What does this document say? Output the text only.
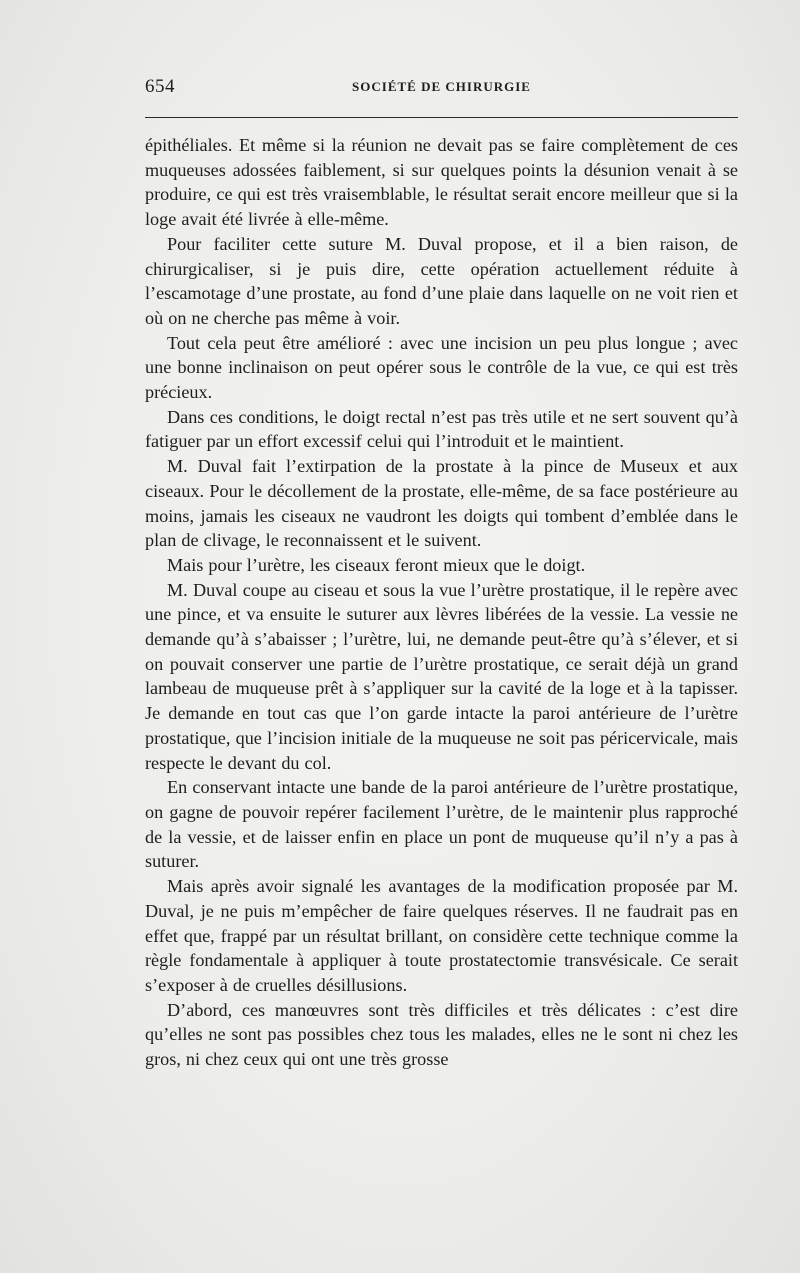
654	SOCIÉTÉ DE CHIRURGIE

épithéliales. Et même si la réunion ne devait pas se faire complètement de ces muqueuses adossées faiblement, si sur quelques points la désunion venait à se produire, ce qui est très vraisemblable, le résultat serait encore meilleur que si la loge avait été livrée à elle-même.

Pour faciliter cette suture M. Duval propose, et il a bien raison, de chirurgicaliser, si je puis dire, cette opération actuellement réduite à l’escamotage d’une prostate, au fond d’une plaie dans laquelle on ne voit rien et où on ne cherche pas même à voir.

Tout cela peut être amélioré : avec une incision un peu plus longue ; avec une bonne inclinaison on peut opérer sous le contrôle de la vue, ce qui est très précieux.

Dans ces conditions, le doigt rectal n’est pas très utile et ne sert souvent qu’à fatiguer par un effort excessif celui qui l’introduit et le maintient.

M. Duval fait l’extirpation de la prostate à la pince de Museux et aux ciseaux. Pour le décollement de la prostate, elle-même, de sa face postérieure au moins, jamais les ciseaux ne vaudront les doigts qui tombent d’emblée dans le plan de clivage, le reconnaissent et le suivent.

Mais pour l’urètre, les ciseaux feront mieux que le doigt.

M. Duval coupe au ciseau et sous la vue l’urètre prostatique, il le repère avec une pince, et va ensuite le suturer aux lèvres libérées de la vessie. La vessie ne demande qu’à s’abaisser ; l’urètre, lui, ne demande peut-être qu’à s’élever, et si on pouvait conserver une partie de l’urètre prostatique, ce serait déjà un grand lambeau de muqueuse prêt à s’appliquer sur la cavité de la loge et à la tapisser. Je demande en tout cas que l’on garde intacte la paroi antérieure de l’urètre prostatique, que l’incision initiale de la muqueuse ne soit pas péricervicale, mais respecte le devant du col.

En conservant intacte une bande de la paroi antérieure de l’urètre prostatique, on gagne de pouvoir repérer facilement l’urètre, de le maintenir plus rapproché de la vessie, et de laisser enfin en place un pont de muqueuse qu’il n’y a pas à suturer.

Mais après avoir signalé les avantages de la modification proposée par M. Duval, je ne puis m’empêcher de faire quelques réserves. Il ne faudrait pas en effet que, frappé par un résultat brillant, on considère cette technique comme la règle fondamentale à appliquer à toute prostatectomie transvésicale. Ce serait s’exposer à de cruelles désillusions.

D’abord, ces manœuvres sont très difficiles et très délicates : c’est dire qu’elles ne sont pas possibles chez tous les malades, elles ne le sont ni chez les gros, ni chez ceux qui ont une très grosse
